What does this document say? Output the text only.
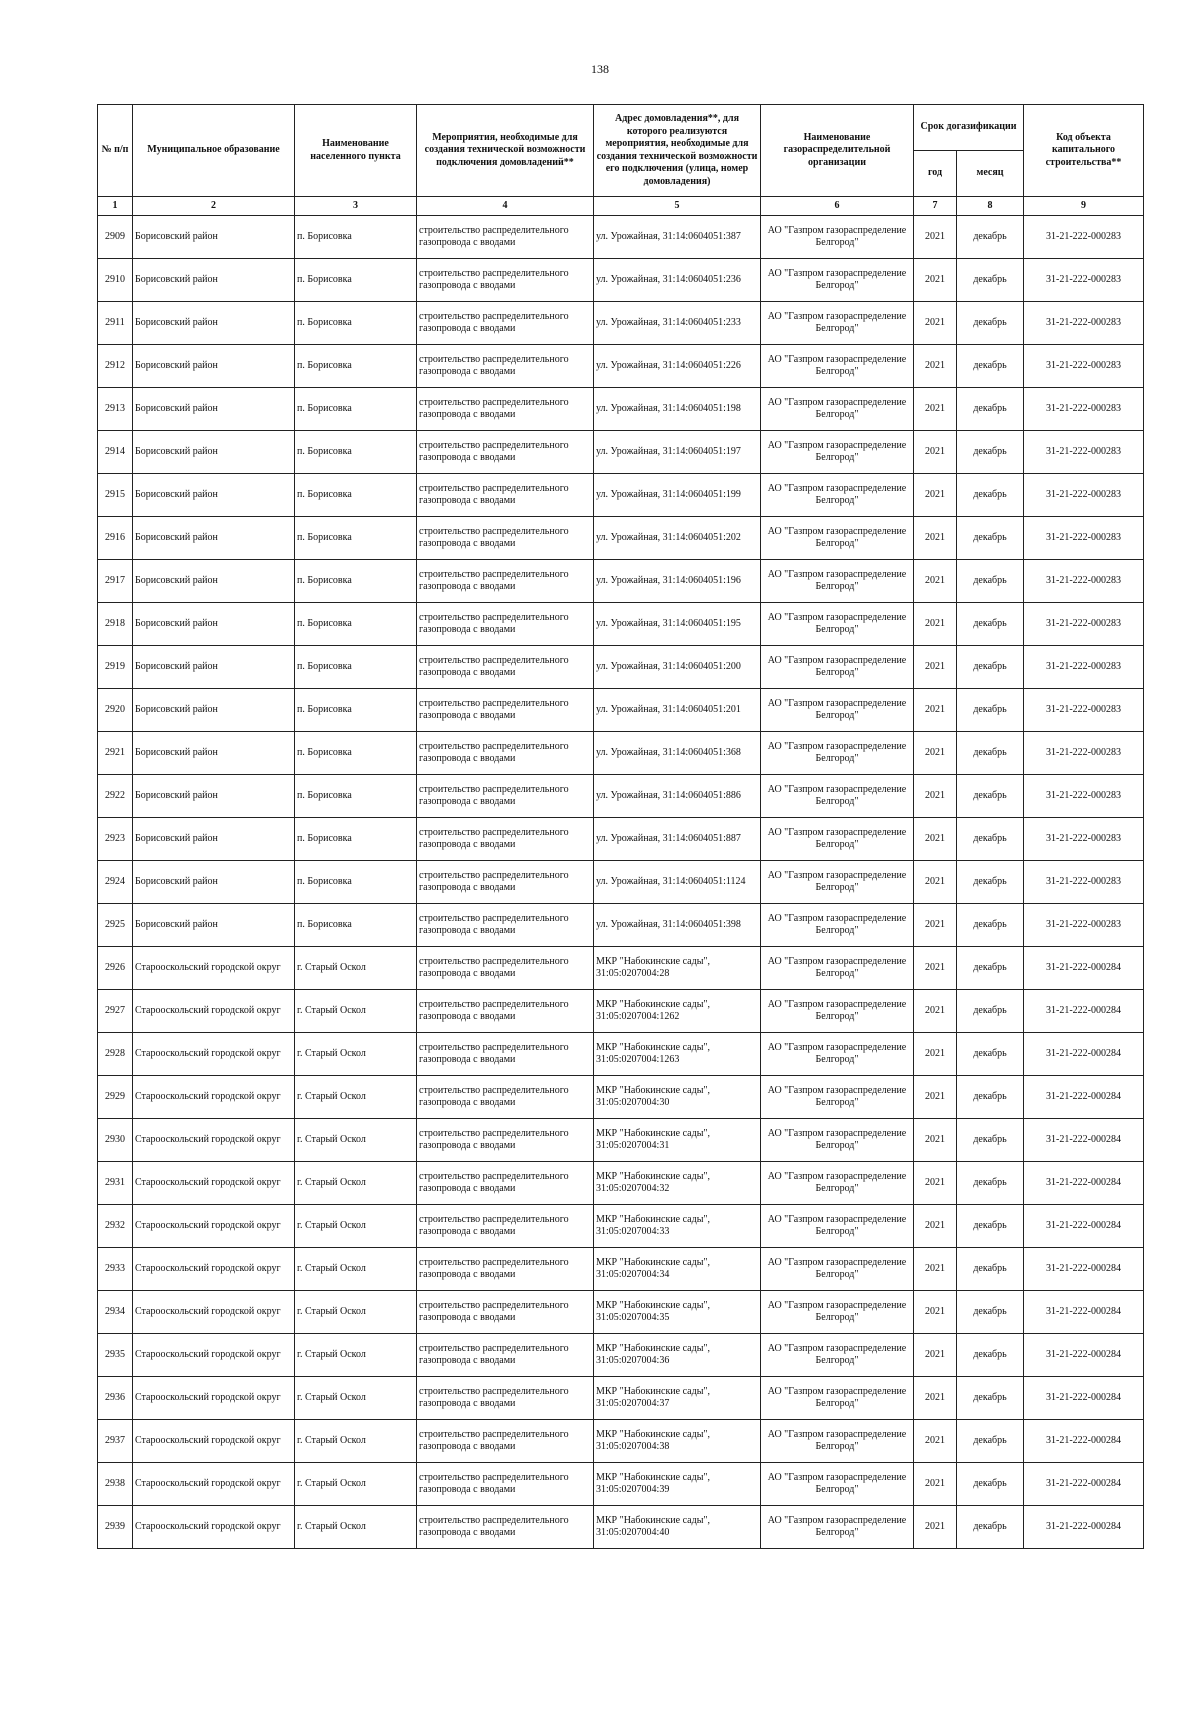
138
№ п/п	Муниципальное образование	Наименование населенного пункта	Мероприятия, необходимые для создания технической возможности подключения домовладений**	Адрес домовладения**, для которого реализуются мероприятия, необходимые для создания технической возможности его подключения (улица, номер домовладения)	Наименование газораспределительной организации	Срок догазификации		Код объекта капитального строительства**
						год	месяц	
1	2	3	4	5	6	7	8	9
2909	Борисовский район	п. Борисовка	строительство распределительного газопровода с вводами	ул. Урожайная, 31:14:0604051:387	АО "Газпром газораспределение Белгород"	2021	декабрь	31-21-222-000283
2910	Борисовский район	п. Борисовка	строительство распределительного газопровода с вводами	ул. Урожайная, 31:14:0604051:236	АО "Газпром газораспределение Белгород"	2021	декабрь	31-21-222-000283
2911	Борисовский район	п. Борисовка	строительство распределительного газопровода с вводами	ул. Урожайная, 31:14:0604051:233	АО "Газпром газораспределение Белгород"	2021	декабрь	31-21-222-000283
2912	Борисовский район	п. Борисовка	строительство распределительного газопровода с вводами	ул. Урожайная, 31:14:0604051:226	АО "Газпром газораспределение Белгород"	2021	декабрь	31-21-222-000283
2913	Борисовский район	п. Борисовка	строительство распределительного газопровода с вводами	ул. Урожайная, 31:14:0604051:198	АО "Газпром газораспределение Белгород"	2021	декабрь	31-21-222-000283
2914	Борисовский район	п. Борисовка	строительство распределительного газопровода с вводами	ул. Урожайная, 31:14:0604051:197	АО "Газпром газораспределение Белгород"	2021	декабрь	31-21-222-000283
2915	Борисовский район	п. Борисовка	строительство распределительного газопровода с вводами	ул. Урожайная, 31:14:0604051:199	АО "Газпром газораспределение Белгород"	2021	декабрь	31-21-222-000283
2916	Борисовский район	п. Борисовка	строительство распределительного газопровода с вводами	ул. Урожайная, 31:14:0604051:202	АО "Газпром газораспределение Белгород"	2021	декабрь	31-21-222-000283
2917	Борисовский район	п. Борисовка	строительство распределительного газопровода с вводами	ул. Урожайная, 31:14:0604051:196	АО "Газпром газораспределение Белгород"	2021	декабрь	31-21-222-000283
2918	Борисовский район	п. Борисовка	строительство распределительного газопровода с вводами	ул. Урожайная, 31:14:0604051:195	АО "Газпром газораспределение Белгород"	2021	декабрь	31-21-222-000283
2919	Борисовский район	п. Борисовка	строительство распределительного газопровода с вводами	ул. Урожайная, 31:14:0604051:200	АО "Газпром газораспределение Белгород"	2021	декабрь	31-21-222-000283
2920	Борисовский район	п. Борисовка	строительство распределительного газопровода с вводами	ул. Урожайная, 31:14:0604051:201	АО "Газпром газораспределение Белгород"	2021	декабрь	31-21-222-000283
2921	Борисовский район	п. Борисовка	строительство распределительного газопровода с вводами	ул. Урожайная, 31:14:0604051:368	АО "Газпром газораспределение Белгород"	2021	декабрь	31-21-222-000283
2922	Борисовский район	п. Борисовка	строительство распределительного газопровода с вводами	ул. Урожайная, 31:14:0604051:886	АО "Газпром газораспределение Белгород"	2021	декабрь	31-21-222-000283
2923	Борисовский район	п. Борисовка	строительство распределительного газопровода с вводами	ул. Урожайная, 31:14:0604051:887	АО "Газпром газораспределение Белгород"	2021	декабрь	31-21-222-000283
2924	Борисовский район	п. Борисовка	строительство распределительного газопровода с вводами	ул. Урожайная, 31:14:0604051:1124	АО "Газпром газораспределение Белгород"	2021	декабрь	31-21-222-000283
2925	Борисовский район	п. Борисовка	строительство распределительного газопровода с вводами	ул. Урожайная, 31:14:0604051:398	АО "Газпром газораспределение Белгород"	2021	декабрь	31-21-222-000283
2926	Старооскольский городской округ	г. Старый Оскол	строительство распределительного газопровода с вводами	МКР "Набокинские сады", 31:05:0207004:28	АО "Газпром газораспределение Белгород"	2021	декабрь	31-21-222-000284
2927	Старооскольский городской округ	г. Старый Оскол	строительство распределительного газопровода с вводами	МКР "Набокинские сады", 31:05:0207004:1262	АО "Газпром газораспределение Белгород"	2021	декабрь	31-21-222-000284
2928	Старооскольский городской округ	г. Старый Оскол	строительство распределительного газопровода с вводами	МКР "Набокинские сады", 31:05:0207004:1263	АО "Газпром газораспределение Белгород"	2021	декабрь	31-21-222-000284
2929	Старооскольский городской округ	г. Старый Оскол	строительство распределительного газопровода с вводами	МКР "Набокинские сады", 31:05:0207004:30	АО "Газпром газораспределение Белгород"	2021	декабрь	31-21-222-000284
2930	Старооскольский городской округ	г. Старый Оскол	строительство распределительного газопровода с вводами	МКР "Набокинские сады", 31:05:0207004:31	АО "Газпром газораспределение Белгород"	2021	декабрь	31-21-222-000284
2931	Старооскольский городской округ	г. Старый Оскол	строительство распределительного газопровода с вводами	МКР "Набокинские сады", 31:05:0207004:32	АО "Газпром газораспределение Белгород"	2021	декабрь	31-21-222-000284
2932	Старооскольский городской округ	г. Старый Оскол	строительство распределительного газопровода с вводами	МКР "Набокинские сады", 31:05:0207004:33	АО "Газпром газораспределение Белгород"	2021	декабрь	31-21-222-000284
2933	Старооскольский городской округ	г. Старый Оскол	строительство распределительного газопровода с вводами	МКР "Набокинские сады", 31:05:0207004:34	АО "Газпром газораспределение Белгород"	2021	декабрь	31-21-222-000284
2934	Старооскольский городской округ	г. Старый Оскол	строительство распределительного газопровода с вводами	МКР "Набокинские сады", 31:05:0207004:35	АО "Газпром газораспределение Белгород"	2021	декабрь	31-21-222-000284
2935	Старооскольский городской округ	г. Старый Оскол	строительство распределительного газопровода с вводами	МКР "Набокинские сады", 31:05:0207004:36	АО "Газпром газораспределение Белгород"	2021	декабрь	31-21-222-000284
2936	Старооскольский городской округ	г. Старый Оскол	строительство распределительного газопровода с вводами	МКР "Набокинские сады", 31:05:0207004:37	АО "Газпром газораспределение Белгород"	2021	декабрь	31-21-222-000284
2937	Старооскольский городской округ	г. Старый Оскол	строительство распределительного газопровода с вводами	МКР "Набокинские сады", 31:05:0207004:38	АО "Газпром газораспределение Белгород"	2021	декабрь	31-21-222-000284
2938	Старооскольский городской округ	г. Старый Оскол	строительство распределительного газопровода с вводами	МКР "Набокинские сады", 31:05:0207004:39	АО "Газпром газораспределение Белгород"	2021	декабрь	31-21-222-000284
2939	Старооскольский городской округ	г. Старый Оскол	строительство распределительного газопровода с вводами	МКР "Набокинские сады", 31:05:0207004:40	АО "Газпром газораспределение Белгород"	2021	декабрь	31-21-222-000284
